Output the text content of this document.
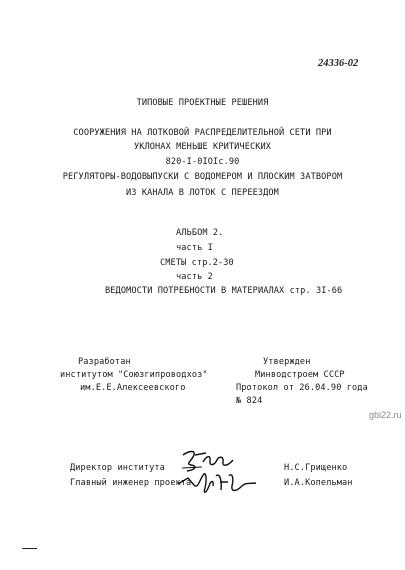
24336-02
ТИПОВЫЕ ПРОЕКТНЫЕ РЕШЕНИЯ
СООРУЖЕНИЯ НА ЛОТКОВОЙ РАСПРЕДЕЛИТЕЛЬНОЙ СЕТИ ПРИ
УКЛОНАХ МЕНЬШЕ КРИТИЧЕСКИХ
820-I-0IOIс.90
РЕГУЛЯТОРЫ-ВОДОВЫПУСКИ С ВОДОМЕРОМ И ПЛОСКИМ ЗАТВОРОМ
ИЗ КАНАЛА В ЛОТОК С ПЕРЕЕЗДОМ
АЛЬБОМ 2.
часть I
СМЕТЫ стр.2-30
часть 2
ВЕДОМОСТИ ПОТРЕБНОСТИ В МАТЕРИАЛАХ стр. 3I-66
Разработан
институтом "Союзгипроводхоз"
им.Е.Е.Алексеевского
Утвержден
Минводстроем СССР
Протокол от 26.04.90 года
№ 824
gbi22.ru
Директор института	Н.С.Грищенко
Главный инженер проекта	И.А.Копельман
